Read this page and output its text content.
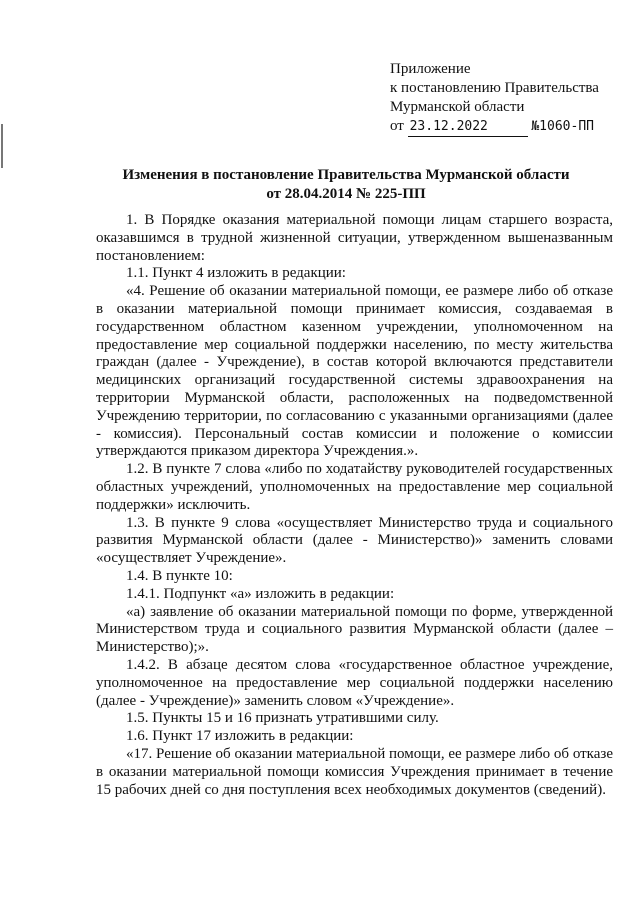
Приложение
к постановлению Правительства
Мурманской области
от 23.12.2022	№1060-ПП
Изменения в постановление Правительства Мурманской области
от 28.04.2014 № 225-ПП

1. В Порядке оказания материальной помощи лицам старшего возраста, оказавшимся в трудной жизненной ситуации, утвержденном вышеназванным постановлением:

1.1. Пункт 4 изложить в редакции:

«4. Решение об оказании материальной помощи, ее размере либо об отказе в оказании материальной помощи принимает комиссия, создаваемая в государственном областном казенном учреждении, уполномоченном на предоставление мер социальной поддержки населению, по месту жительства граждан (далее - Учреждение), в состав которой включаются представители медицинских организаций государственной системы здравоохранения на территории Мурманской области, расположенных на подведомственной Учреждению территории, по согласованию с указанными организациями (далее - комиссия). Персональный состав комиссии и положение о комиссии утверждаются приказом директора Учреждения.».

1.2. В пункте 7 слова «либо по ходатайству руководителей государственных областных учреждений, уполномоченных на предоставление мер социальной поддержки» исключить.

1.3. В пункте 9 слова «осуществляет Министерство труда и социального развития Мурманской области (далее - Министерство)» заменить словами «осуществляет Учреждение».

1.4. В пункте 10:

1.4.1. Подпункт «а» изложить в редакции:

«а) заявление об оказании материальной помощи по форме, утвержденной Министерством труда и социального развития Мурманской области (далее – Министерство);».

1.4.2. В абзаце десятом слова «государственное областное учреждение, уполномоченное на предоставление мер социальной поддержки населению (далее - Учреждение)» заменить словом «Учреждение».

1.5. Пункты 15 и 16 признать утратившими силу.

1.6. Пункт 17 изложить в редакции:

«17. Решение об оказании материальной помощи, ее размере либо об отказе в оказании материальной помощи комиссия Учреждения принимает в течение 15 рабочих дней со дня поступления всех необходимых документов (сведений).
